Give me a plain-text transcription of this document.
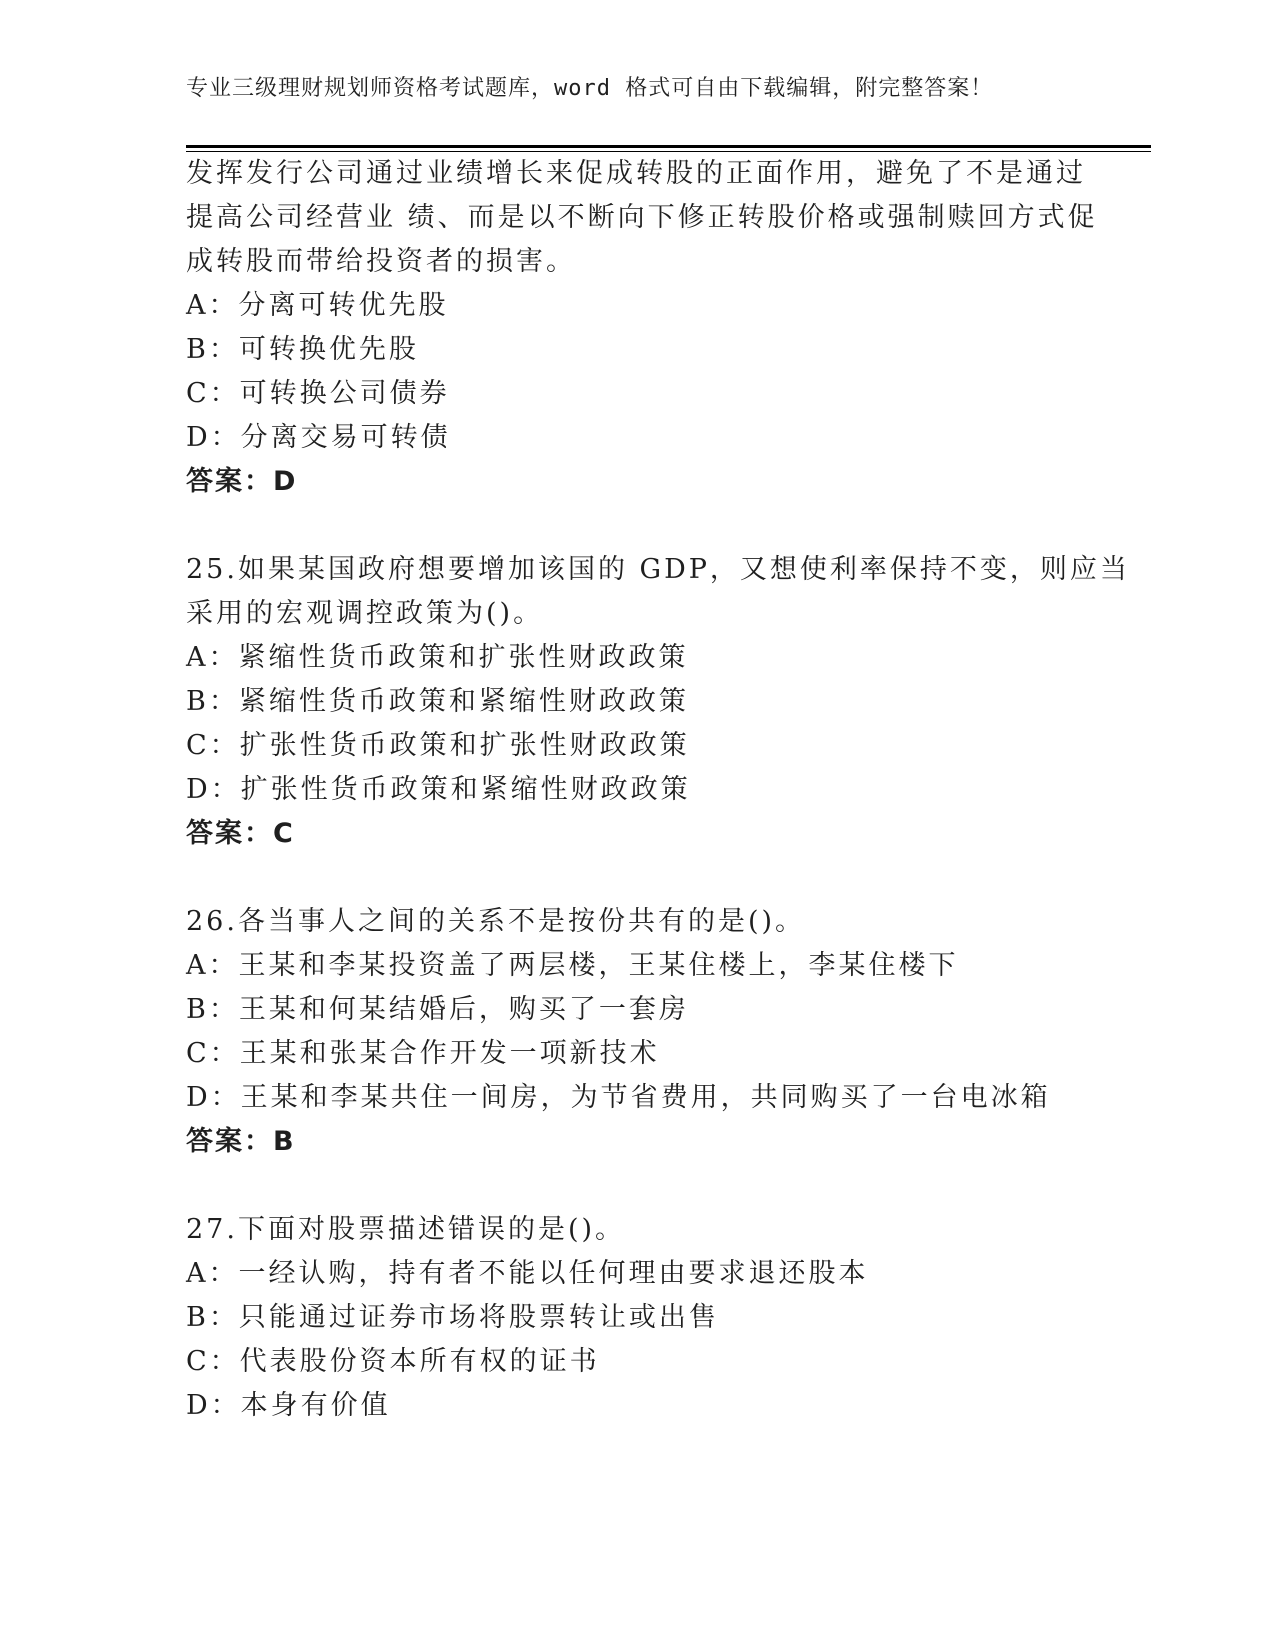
专业三级理财规划师资格考试题库，word 格式可自由下载编辑，附完整答案！
发挥发行公司通过业绩增长来促成转股的正面作用，避免了不是通过
提高公司经营业 绩、而是以不断向下修正转股价格或强制赎回方式促
成转股而带给投资者的损害。
A：分离可转优先股
B：可转换优先股
C：可转换公司债券
D：分离交易可转债
答案：D
25.如果某国政府想要增加该国的 GDP，又想使利率保持不变，则应当
采用的宏观调控政策为()。
A：紧缩性货币政策和扩张性财政政策
B：紧缩性货币政策和紧缩性财政政策
C：扩张性货币政策和扩张性财政政策
D：扩张性货币政策和紧缩性财政政策
答案：C
26.各当事人之间的关系不是按份共有的是()。
A：王某和李某投资盖了两层楼，王某住楼上，李某住楼下
B：王某和何某结婚后，购买了一套房
C：王某和张某合作开发一项新技术
D：王某和李某共住一间房，为节省费用，共同购买了一台电冰箱
答案：B
27.下面对股票描述错误的是()。
A：一经认购，持有者不能以任何理由要求退还股本
B：只能通过证券市场将股票转让或出售
C：代表股份资本所有权的证书
D：本身有价值
